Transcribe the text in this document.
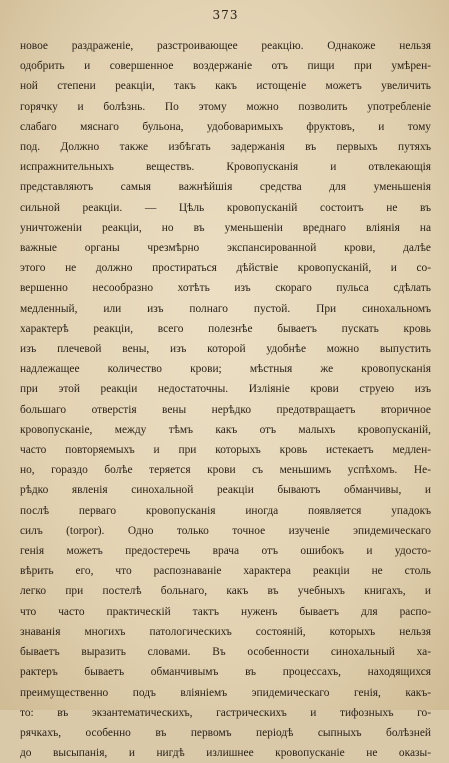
373
новое раздраженіе, разстроивающее реакцію. Однакоже нельзя
одобрить и совершенное воздержаніе отъ пищи при умѣрен-
ной степени реакціи, такъ какъ истощеніе можетъ увеличить
горячку и болѣзнь. По этому можно позволить употребленіе
слабаго мяснаго бульона, удобоваримыхъ фруктовъ, и тому
под. Должно также избѣгать задержанія въ первыхъ путяхъ
испражнительныхъ веществъ. Кровопусканія и отвлекающія
представляютъ самыя важнѣйшія средства для уменьшенія
сильной реакціи. — Цѣль кровопусканій состоитъ не въ
уничтоженіи реакціи, но въ уменьшеніи вреднаго вліянія на
важные органы чрезмѣрно экспансированной крови, далѣе
этого не должно простираться дѣйствіе кровопусканій, и со-
вершенно несообразно хотѣть изъ скораго пульса сдѣлать
медленный, или изъ полнаго пустой. При синохальномъ
характерѣ реакціи, всего полезнѣе бываетъ пускать кровь
изъ плечевой вены, изъ которой удобнѣе можно выпустить
надлежащее количество крови; мѣстныя же кровопусканія
при этой реакціи недостаточны. Изліяніе крови струею изъ
большаго отверстія вены нерѣдко предотвращаетъ вторичное
кровопусканіе, между тѣмъ какъ отъ малыхъ кровопусканій,
часто повторяемыхъ и при которыхъ кровь истекаетъ медлен-
но, гораздо болѣе теряется крови съ меньшимъ успѣхомъ. Не-
рѣдко явленія синохальной реакціи бываютъ обманчивы, и
послѣ перваго кровопусканія иногда появляется упадокъ
силъ (torpor). Одно только точное изученіе эпидемическаго
генія можетъ предостеречь врача отъ ошибокъ и удосто-
вѣрить его, что распознаваніе характера реакціи не столь
легко при постелѣ больнаго, какъ въ учебныхъ книгахъ, и
что часто практическій тактъ нуженъ бываетъ для распо-
знаванія многихъ патологическихъ состояній, которыхъ нельзя
бываетъ выразить словами. Въ особенности синохальный ха-
рактеръ бываетъ обманчивымъ въ процессахъ, находящихся
преимущественно подъ вліяніемъ эпидемическаго генія, какъ-
то: въ экзантематическихъ, гастрическихъ и тифозныхъ го-
рячкахъ, особенно въ первомъ періодѣ сыпныхъ болѣзней
до высыпанія, и нигдѣ излишнее кровопусканіе не оказы-
